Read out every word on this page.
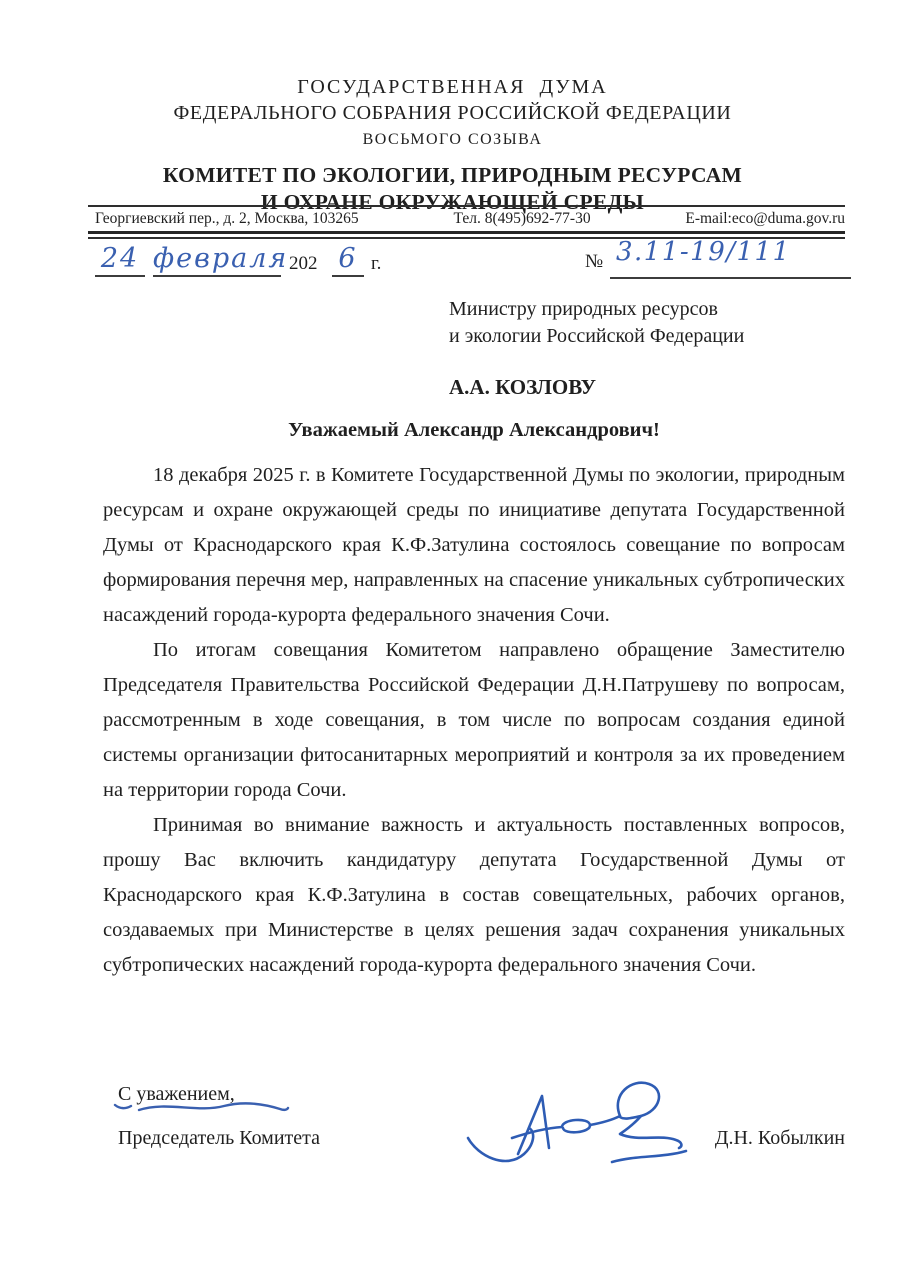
ГОСУДАРСТВЕННАЯ  ДУМА
ФЕДЕРАЛЬНОГО СОБРАНИЯ РОССИЙСКОЙ ФЕДЕРАЦИИ
ВОСЬМОГО СОЗЫВА
КОМИТЕТ ПО ЭКОЛОГИИ, ПРИРОДНЫМ РЕСУРСАМ
И ОХРАНЕ ОКРУЖАЮЩЕЙ СРЕДЫ
Георгиевский пер., д. 2, Москва, 103265	Тел. 8(495)692-77-30	E-mail:eco@duma.gov.ru
24 февраля 202 6 г.	№ 3.11-19/111
Министру природных ресурсов
и экологии Российской Федерации
А.А. КОЗЛОВУ
Уважаемый Александр Александрович!

18 декабря 2025 г. в Комитете Государственной Думы по экологии, природным ресурсам и охране окружающей среды по инициативе депутата Государственной Думы от Краснодарского края К.Ф.Затулина состоялось совещание по вопросам формирования перечня мер, направленных на спасение уникальных субтропических насаждений города-курорта федерального значения Сочи.

По итогам совещания Комитетом направлено обращение Заместителю Председателя Правительства Российской Федерации Д.Н.Патрушеву по вопросам, рассмотренным в ходе совещания, в том числе по вопросам создания единой системы организации фитосанитарных мероприятий и контроля за их проведением на территории города Сочи.

Принимая во внимание важность и актуальность поставленных вопросов, прошу Вас включить кандидатуру депутата Государственной Думы от Краснодарского края К.Ф.Затулина в состав совещательных, рабочих органов, создаваемых при Министерстве в целях решения задач сохранения уникальных субтропических насаждений города-курорта федерального значения Сочи.

С уважением,
Председатель Комитета	Д.Н. Кобылкин
